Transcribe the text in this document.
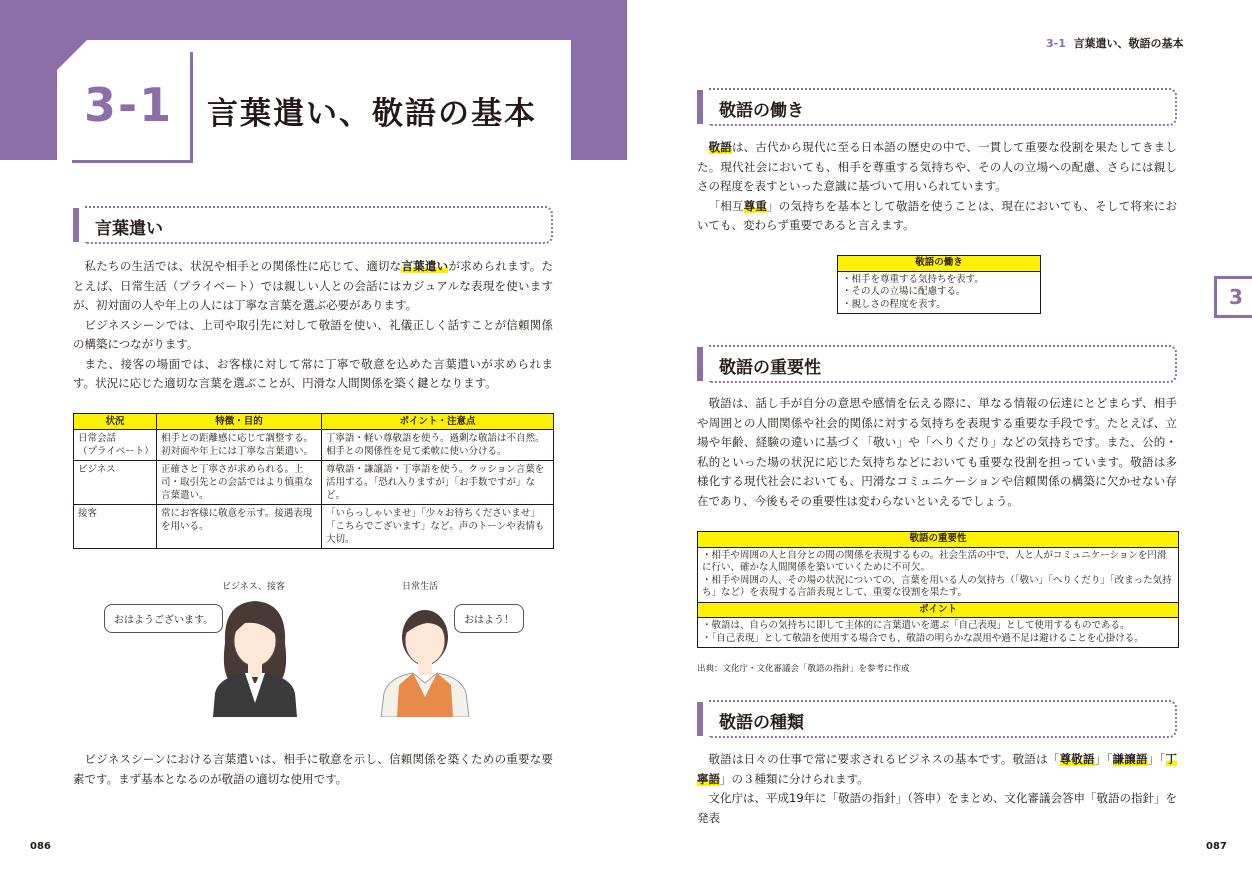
3-1 言葉遣い、敬語の基本
言葉遣い

私たちの生活では、状況や相手との関係性に応じて、適切な言葉遣いが求められます。たとえば、日常生活（プライベート）では親しい人との会話にはカジュアルな表現を使いますが、初対面の人や年上の人には丁寧な言葉を選ぶ必要があります。

ビジネスシーンでは、上司や取引先に対して敬語を使い、礼儀正しく話すことが信頼関係の構築につながります。

また、接客の場面では、お客様に対して常に丁寧で敬意を込めた言葉遣いが求められます。状況に応じた適切な言葉を選ぶことが、円滑な人間関係を築く鍵となります。

状況	特徴・目的	ポイント・注意点
日常会話
（プライベート）	相手との距離感に応じて調整する。初対面や年上には丁寧な言葉遣い。	丁寧語・軽い尊敬語を使う。過剰な敬語は不自然。相手との関係性を見て柔軟に使い分ける。
ビジネス	正確さと丁寧さが求められる。上司・取引先との会話ではより慎重な言葉遣い。	尊敬語・謙譲語・丁寧語を使う。クッション言葉を活用する。「恐れ入りますが」「お手数ですが」など。
接客	常にお客様に敬意を示す。接遇表現を用いる。	「いらっしゃいませ」「少々お待ちくださいませ」「こちらでございます」など。声のトーンや表情も大切。
ビジネス、接客	日常生活
おはようございます。	おはよう！

ビジネスシーンにおける言葉遣いは、相手に敬意を示し、信頼関係を築くための重要な要素です。まず基本となるのが敬語の適切な使用です。

086
3-1 言葉遣い、敬語の基本
3
敬語の働き

敬語は、古代から現代に至る日本語の歴史の中で、一貫して重要な役割を果たしてきました。現代社会においても、相手を尊重する気持ちや、その人の立場への配慮、さらには親しさの程度を表すといった意識に基づいて用いられています。

「相互尊重」の気持ちを基本として敬語を使うことは、現在においても、そして将来においても、変わらず重要であると言えます。

敬語の働き
・相手を尊重する気持ちを表す。
・その人の立場に配慮する。
・親しさの程度を表す。
敬語の重要性

敬語は、話し手が自分の意思や感情を伝える際に、単なる情報の伝達にとどまらず、相手や周囲との人間関係や社会的関係に対する気持ちを表現する重要な手段です。たとえば、立場や年齢、経験の違いに基づく「敬い」や「へりくだり」などの気持ちです。また、公的・私的といった場の状況に応じた気持ちなどにおいても重要な役割を担っています。敬語は多様化する現代社会においても、円滑なコミュニケーションや信頼関係の構築に欠かせない存在であり、今後もその重要性は変わらないといえるでしょう。

敬語の重要性
・相手や周囲の人と自分との間の関係を表現するもの。社会生活の中で、人と人がコミュニケーションを円滑に行い、確かな人間関係を築いていくために不可欠。
・相手や周囲の人、その場の状況についての、言葉を用いる人の気持ち（「敬い」「へりくだり」「改まった気持ち」など）を表現する言語表現として、重要な役割を果たす。
ポイント
・敬語は、自らの気持ちに即して主体的に言葉遣いを選ぶ「自己表現」として使用するものである。
・「自己表現」として敬語を使用する場合でも、敬語の明らかな誤用や過不足は避けることを心掛ける。
出典：文化庁・文化審議会「敬語の指針」を参考に作成
敬語の種類

敬語は日々の仕事で常に要求されるビジネスの基本です。敬語は「尊敬語」「謙譲語」「丁寧語」の３種類に分けられます。

文化庁は、平成19年に「敬語の指針」（答申）をまとめ、文化審議会答申「敬語の指針」を発表

087
